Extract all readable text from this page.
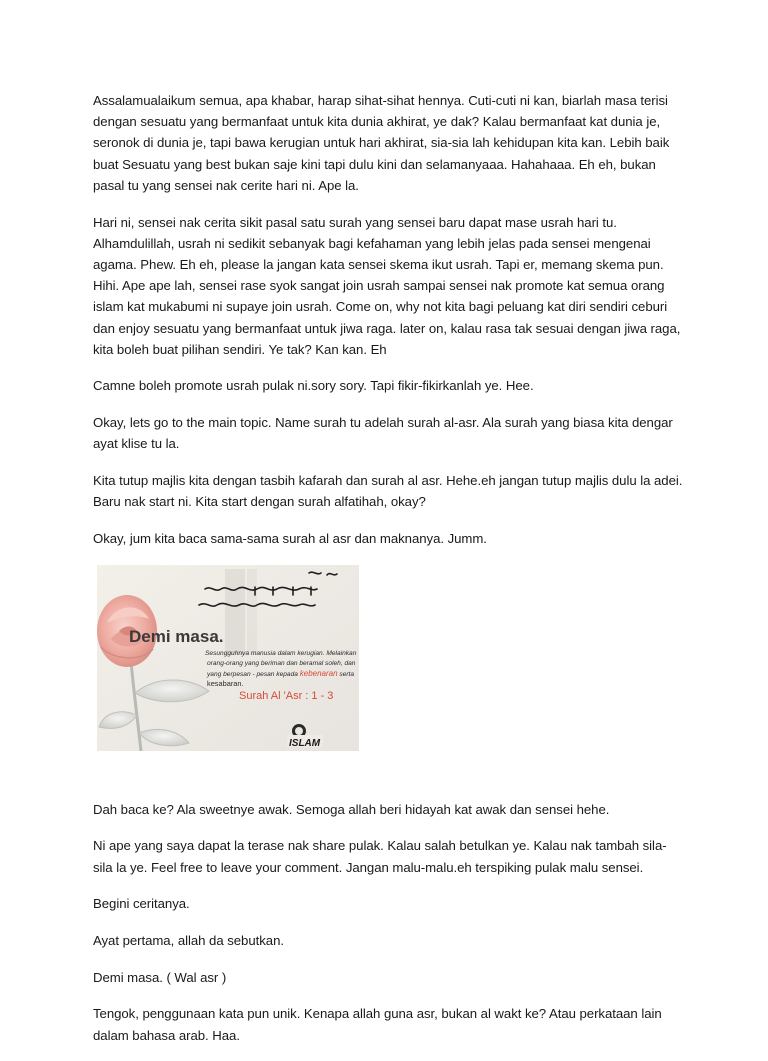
Assalamualaikum semua, apa khabar, harap sihat-sihat hennya. Cuti-cuti ni kan, biarlah masa terisi dengan sesuatu yang bermanfaat untuk kita dunia akhirat, ye dak? Kalau bermanfaat kat dunia je, seronok di dunia je, tapi bawa kerugian untuk hari akhirat, sia-sia lah kehidupan kita kan. Lebih baik buat Sesuatu yang best bukan saje kini tapi dulu kini dan selamanyaaa. Hahahaaa. Eh eh, bukan pasal tu yang sensei nak cerite hari ni. Ape la.

Hari ni, sensei nak cerita sikit pasal satu surah yang sensei baru dapat mase usrah hari tu. Alhamdulillah, usrah ni sedikit sebanyak bagi kefahaman yang lebih jelas pada sensei mengenai agama. Phew. Eh eh, please la jangan kata sensei skema ikut usrah. Tapi er, memang skema pun. Hihi. Ape ape lah, sensei rase syok sangat join usrah sampai sensei nak promote kat semua orang islam kat mukabumi ni supaye join usrah. Come on, why not kita bagi peluang kat diri sendiri ceburi dan enjoy sesuatu yang bermanfaat untuk jiwa raga. later on, kalau rasa tak sesuai dengan jiwa raga, kita boleh buat pilihan sendiri. Ye tak? Kan kan. Eh

Camne boleh promote usrah pulak ni.sory sory. Tapi fikir-fikirkanlah ye. Hee.

Okay, lets go to the main topic. Name surah tu adelah surah al-asr. Ala surah yang biasa kita dengar ayat klise tu la.

Kita tutup majlis kita dengan tasbih kafarah dan surah al asr. Hehe.eh jangan tutup majlis dulu la adei. Baru nak start ni. Kita start dengan surah alfatihah, okay?

Okay, jum kita baca sama-sama surah al asr dan maknanya. Jumm.

Demi masa.
Sesungguhnya manusia dalam kerugian. Melainkan
orang-orang yang beriman dan beramal soleh, dan
yang berpesan - pesan kepada kebenaran serta
kesabaran.
Surah Al 'Asr : 1 - 3
ISLAM

Dah baca ke? Ala sweetnye awak. Semoga allah beri hidayah kat awak dan sensei hehe.

Ni ape yang saya dapat la terase nak share pulak. Kalau salah betulkan ye. Kalau nak tambah sila-sila la ye. Feel free to leave your comment. Jangan malu-malu.eh terspiking pulak malu sensei.

Begini ceritanya.

Ayat pertama, allah da sebutkan.

Demi masa. ( Wal asr )

Tengok, penggunaan kata pun unik. Kenapa allah guna asr, bukan al wakt ke? Atau perkataan lain dalam bahasa arab. Haa.
